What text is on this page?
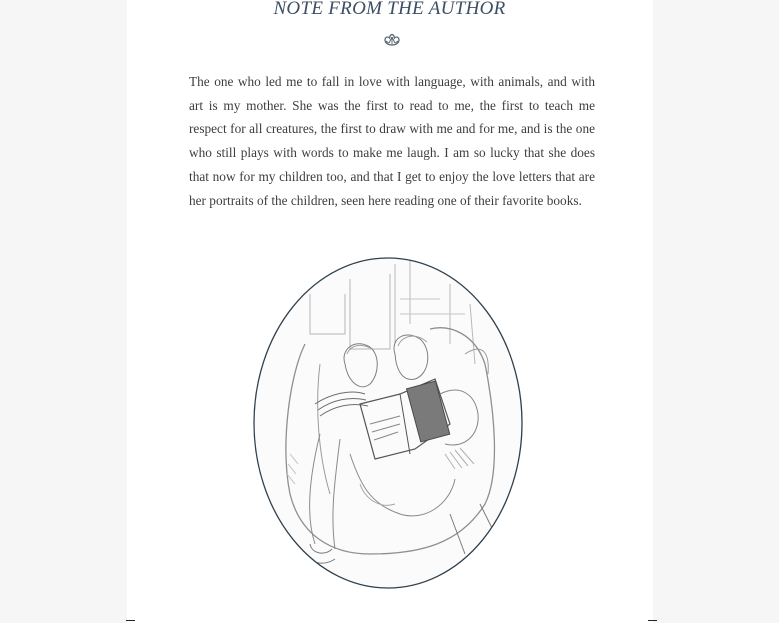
NOTE FROM THE AUTHOR

The one who led me to fall in love with language, with animals, and with art is my mother. She was the first to read to me, the first to teach me respect for all creatures, the first to draw with me and for me, and is the one who still plays with words to make me laugh. I am so lucky that she does that now for my children too, and that I get to enjoy the love letters that are her portraits of the children, seen here reading one of their favorite books.
